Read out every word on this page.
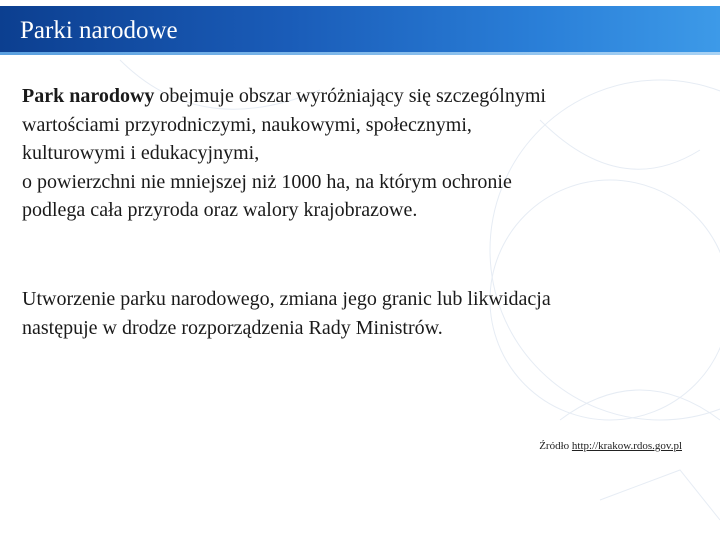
Parki narodowe
Park narodowy obejmuje obszar wyróżniający się szczególnymi
wartościami przyrodniczymi, naukowymi, społecznymi,
kulturowymi i edukacyjnymi,
o powierzchni nie mniejszej niż 1000 ha, na którym ochronie
podlega cała przyroda oraz walory krajobrazowe.
Utworzenie parku narodowego, zmiana jego granic lub likwidacja
następuje w drodze rozporządzenia Rady Ministrów.

Źródło http://krakow.rdos.gov.pl
